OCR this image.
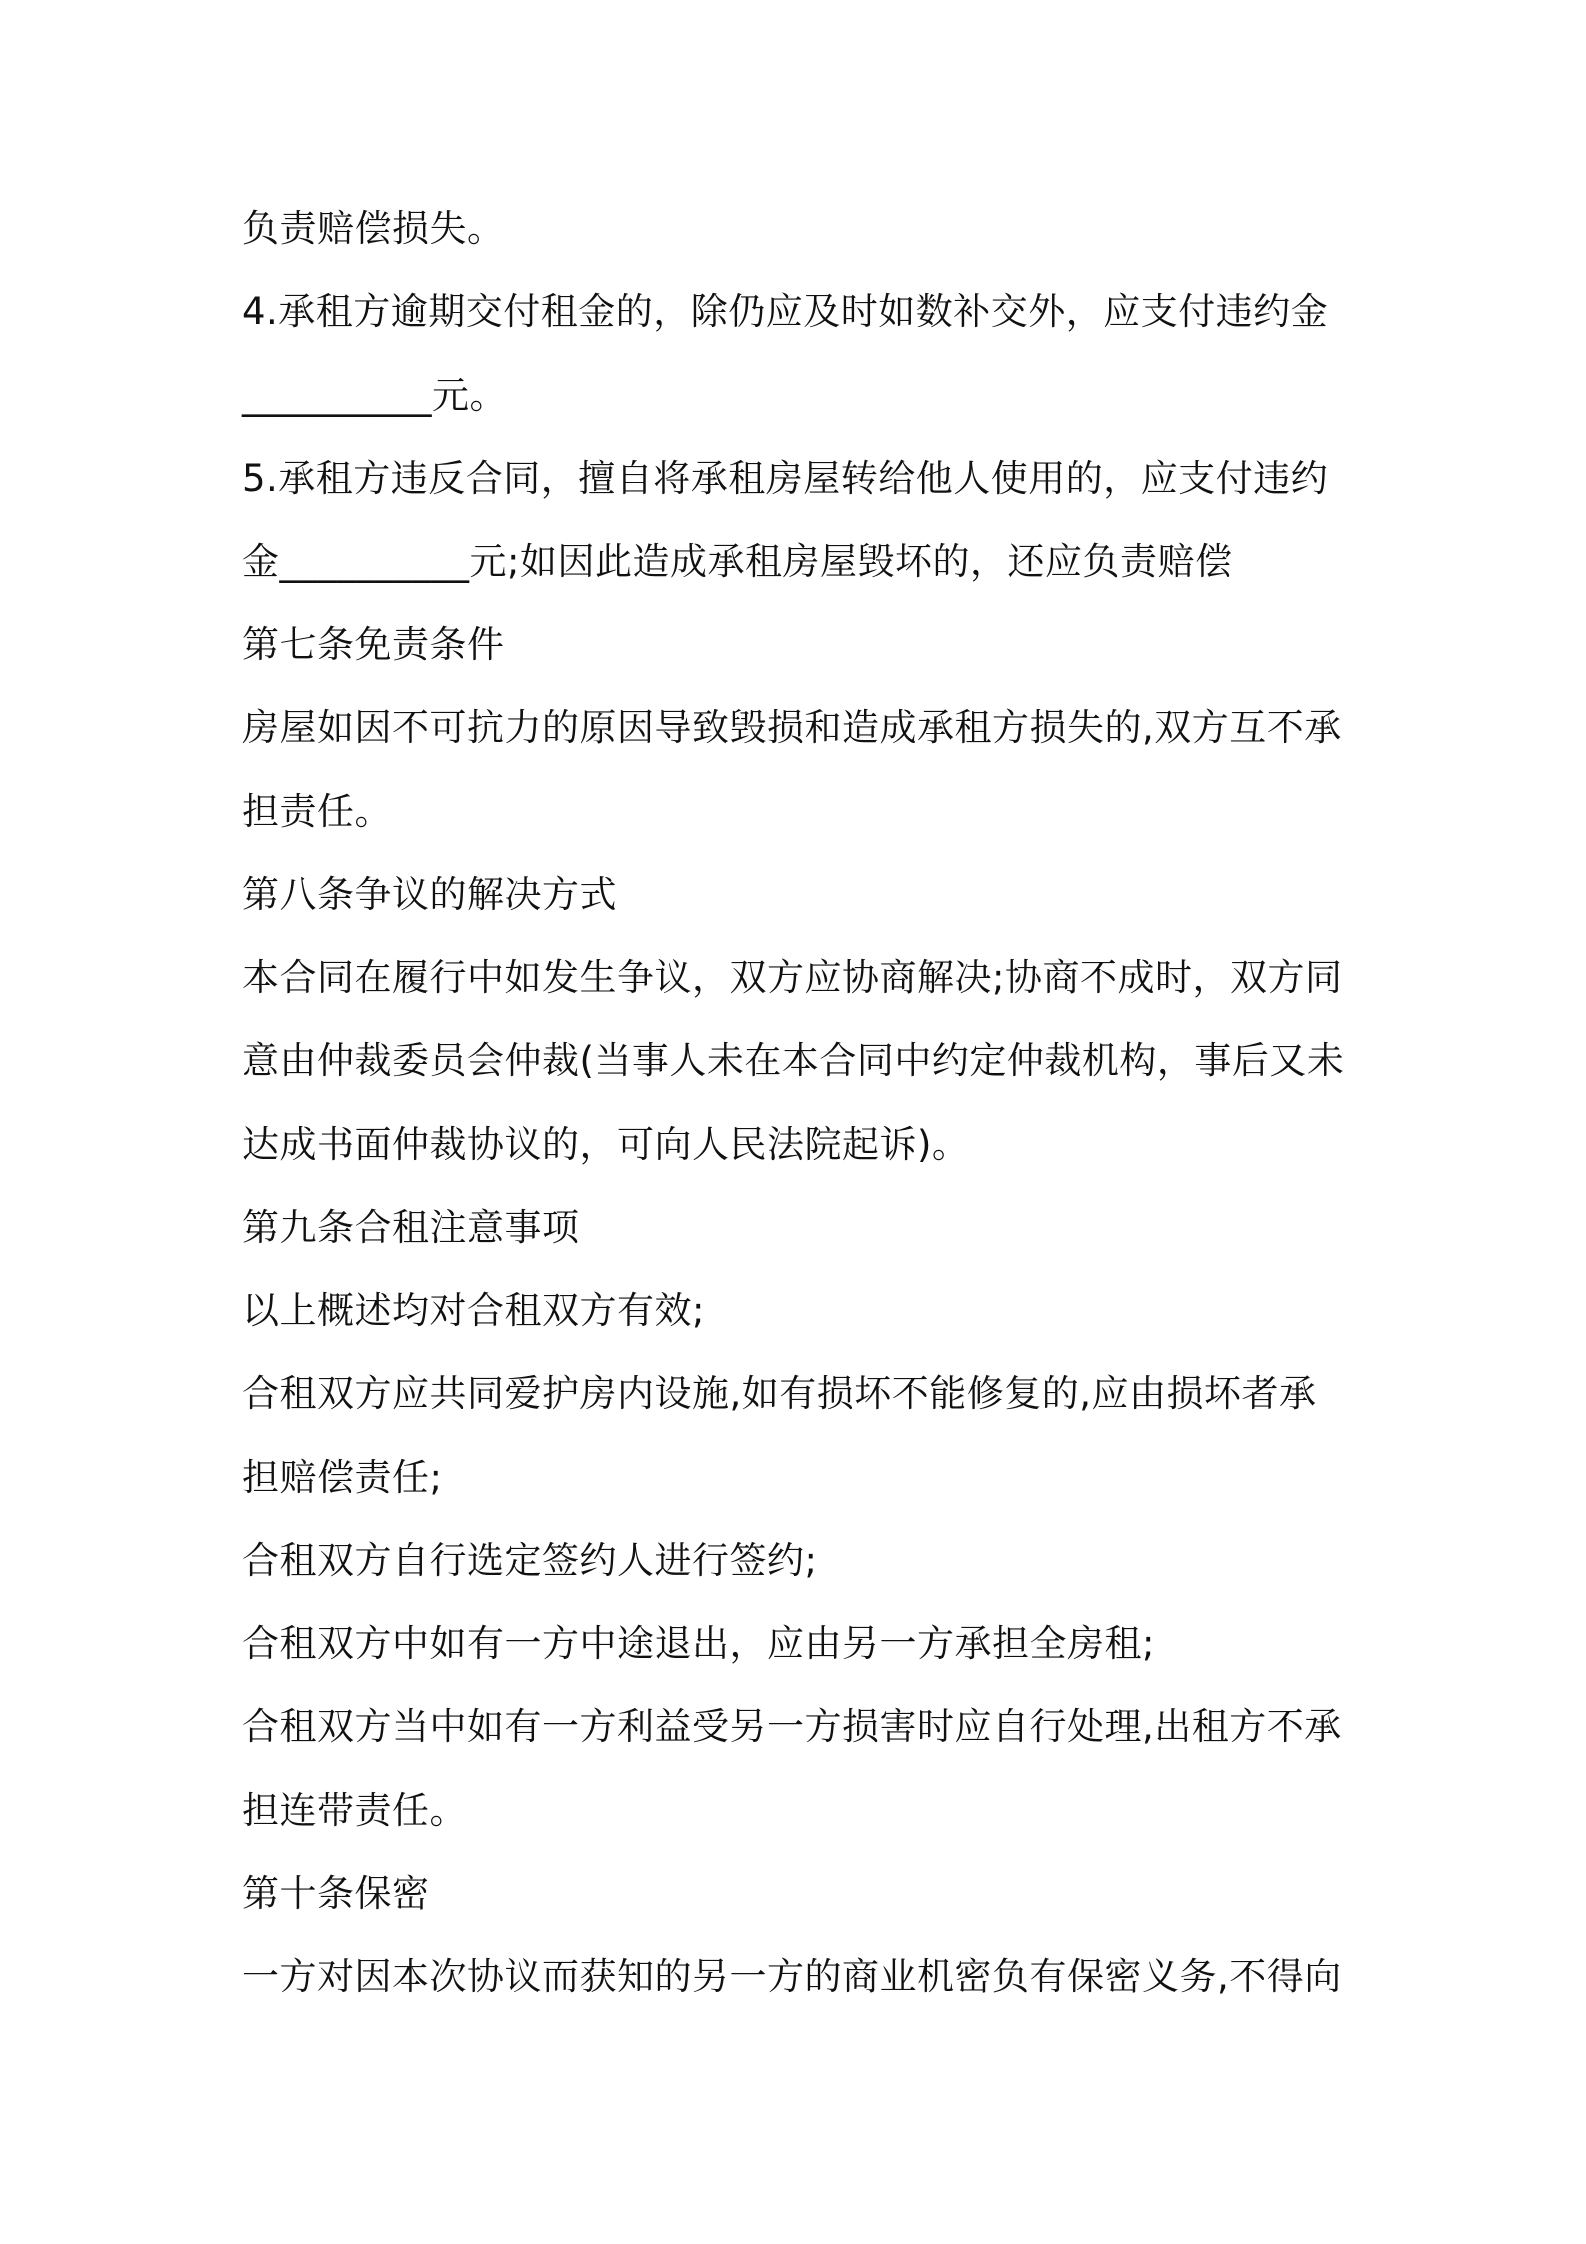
负责赔偿损失。
4.承租方逾期交付租金的，除仍应及时如数补交外，应支付违约金
__________元。
5.承租方违反合同，擅自将承租房屋转给他人使用的，应支付违约
金__________元;如因此造成承租房屋毁坏的，还应负责赔偿
第七条免责条件
房屋如因不可抗力的原因导致毁损和造成承租方损失的,双方互不承
担责任。
第八条争议的解决方式
本合同在履行中如发生争议，双方应协商解决;协商不成时，双方同
意由仲裁委员会仲裁(当事人未在本合同中约定仲裁机构，事后又未
达成书面仲裁协议的，可向人民法院起诉)。
第九条合租注意事项
以上概述均对合租双方有效;
合租双方应共同爱护房内设施,如有损坏不能修复的,应由损坏者承
担赔偿责任;
合租双方自行选定签约人进行签约;
合租双方中如有一方中途退出，应由另一方承担全房租;
合租双方当中如有一方利益受另一方损害时应自行处理,出租方不承
担连带责任。
第十条保密
一方对因本次协议而获知的另一方的商业机密负有保密义务,不得向
